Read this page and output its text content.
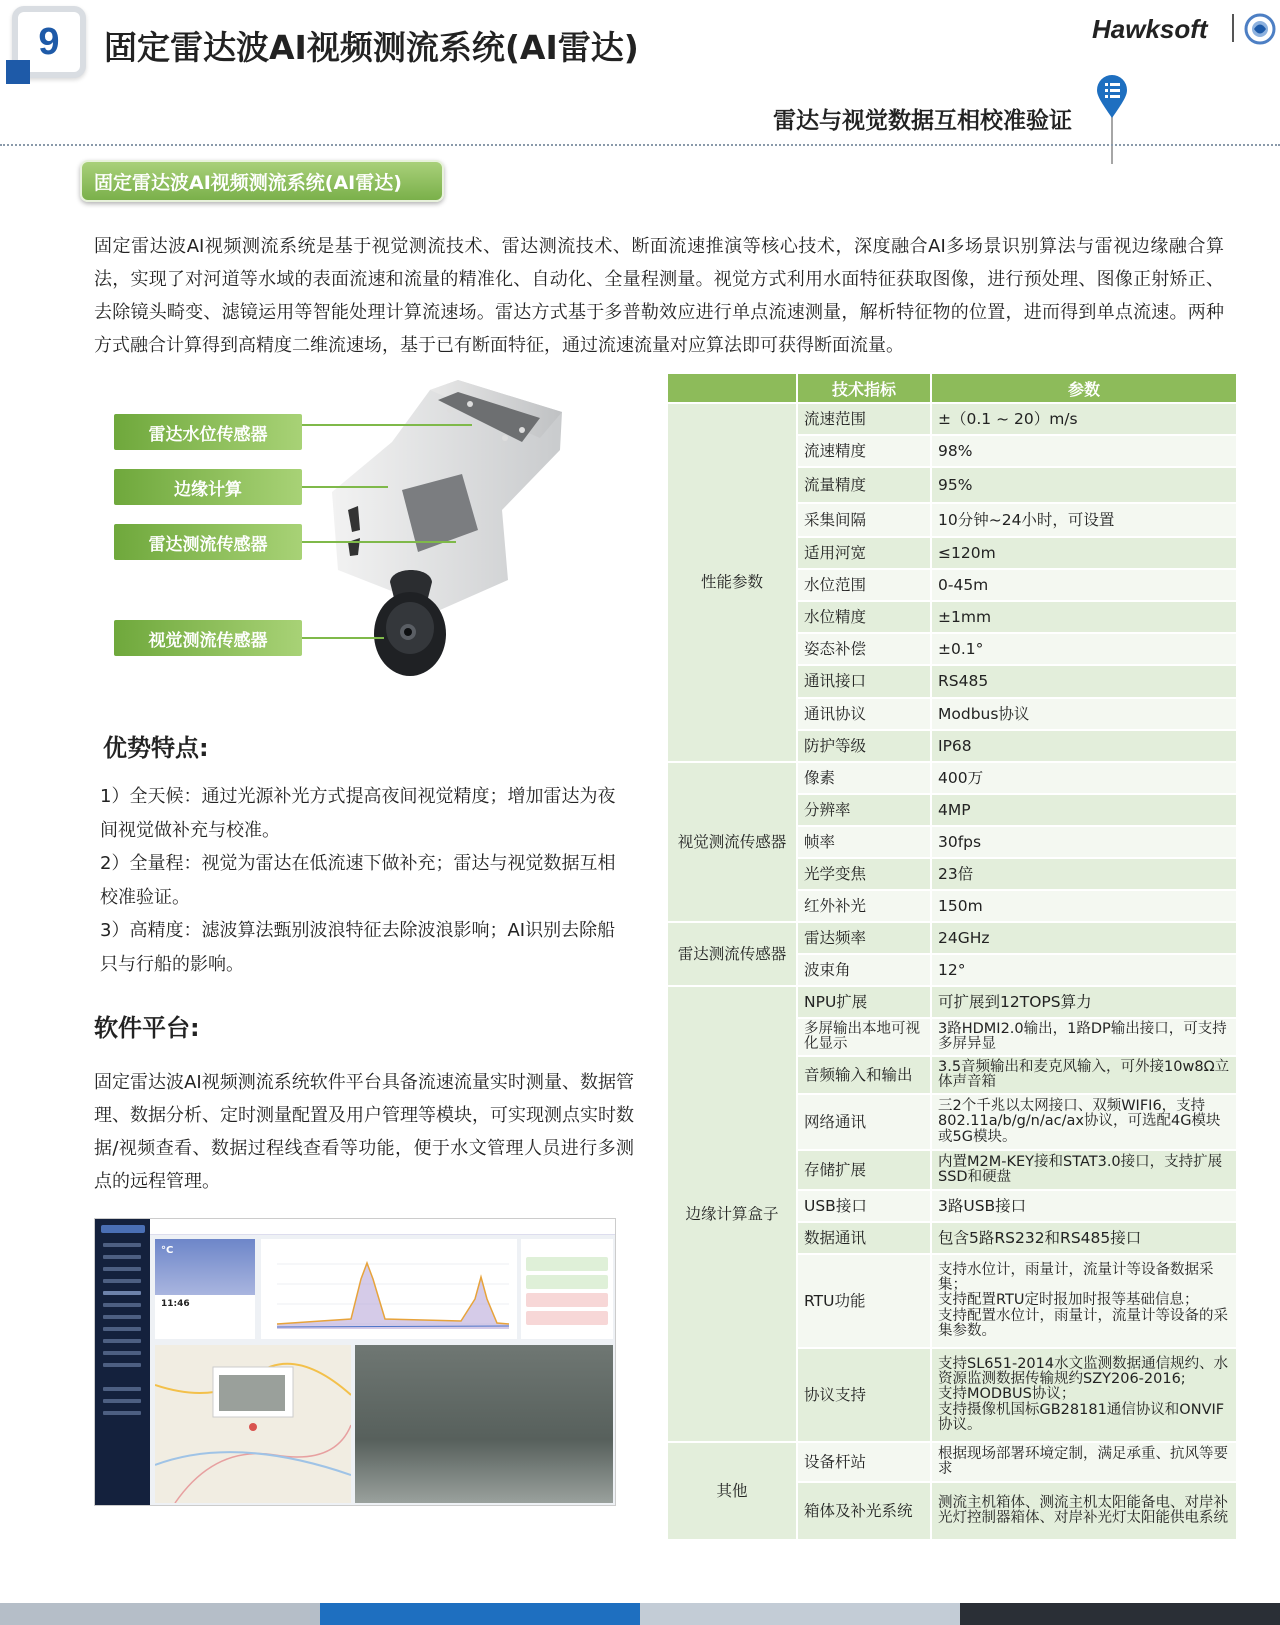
9 固定雷达波AI视频测流系统(AI雷达)	Hawksoft
雷达与视觉数据互相校准验证
固定雷达波AI视频测流系统(AI雷达)

固定雷达波AI视频测流系统是基于视觉测流技术、雷达测流技术、断面流速推演等核心技术，深度融合AI多场景识别算法与雷视边缘融合算法，实现了对河道等水域的表面流速和流量的精准化、自动化、全量程测量。视觉方式利用水面特征获取图像，进行预处理、图像正射矫正、去除镜头畸变、滤镜运用等智能处理计算流速场。雷达方式基于多普勒效应进行单点流速测量，解析特征物的位置，进而得到单点流速。两种方式融合计算得到高精度二维流速场，基于已有断面特征，通过流速流量对应算法即可获得断面流量。

雷达水位传感器
边缘计算
雷达测流传感器
视觉测流传感器
优势特点:

1）全天候：通过光源补光方式提高夜间视觉精度；增加雷达为夜间视觉做补充与校准。

2）全量程：视觉为雷达在低流速下做补充；雷达与视觉数据互相校准验证。

3）高精度：滤波算法甄别波浪特征去除波浪影响；AI识别去除船只与行船的影响。

软件平台:

固定雷达波AI视频测流系统软件平台具备流速流量实时测量、数据管理、数据分析、定时测量配置及用户管理等模块，可实现测点实时数据/视频查看、数据过程线查看等功能，便于水文管理人员进行多测点的远程管理。

°C
11:46
	技术指标	参数
性能参数	流速范围	±（0.1 ~ 20）m/s
	流速精度	98%
	流量精度	95%
	采集间隔	10分钟~24小时，可设置
	适用河宽	≤120m
	水位范围	0-45m
	水位精度	±1mm
	姿态补偿	±0.1°
	通讯接口	RS485
	通讯协议	Modbus协议
	防护等级	IP68
视觉测流传感器	像素	400万
	分辨率	4MP
	帧率	30fps
	光学变焦	23倍
	红外补光	150m
雷达测流传感器	雷达频率	24GHz
	波束角	12°
边缘计算盒子	NPU扩展	可扩展到12TOPS算力
	多屏输出本地可视化显示	3路HDMI2.0输出，1路DP输出接口，可支持多屏异显
	音频输入和输出	3.5音频输出和麦克风输入，可外接10w8Ω立体声音箱
	网络通讯	三2个千兆以太网接口、双频WIFI6，支持802.11a/b/g/n/ac/ax协议，可选配4G模块或5G模块。
	存储扩展	内置M2M-KEY接和STAT3.0接口，支持扩展SSD和硬盘
	USB接口	3路USB接口
	数据通讯	包含5路RS232和RS485接口
	RTU功能	支持水位计，雨量计，流量计等设备数据采集；
支持配置RTU定时报加时报等基础信息；
支持配置水位计，雨量计，流量计等设备的采集参数。
	协议支持	支持SL651-2014水文监测数据通信规约、水资源监测数据传输规约SZY206-2016;
支持MODBUS协议；
支持摄像机国标GB28181通信协议和ONVIF协议。
其他	设备杆站	根据现场部署环境定制，满足承重、抗风等要求
	箱体及补光系统	测流主机箱体、测流主机太阳能备电、对岸补光灯控制器箱体、对岸补光灯太阳能供电系统
